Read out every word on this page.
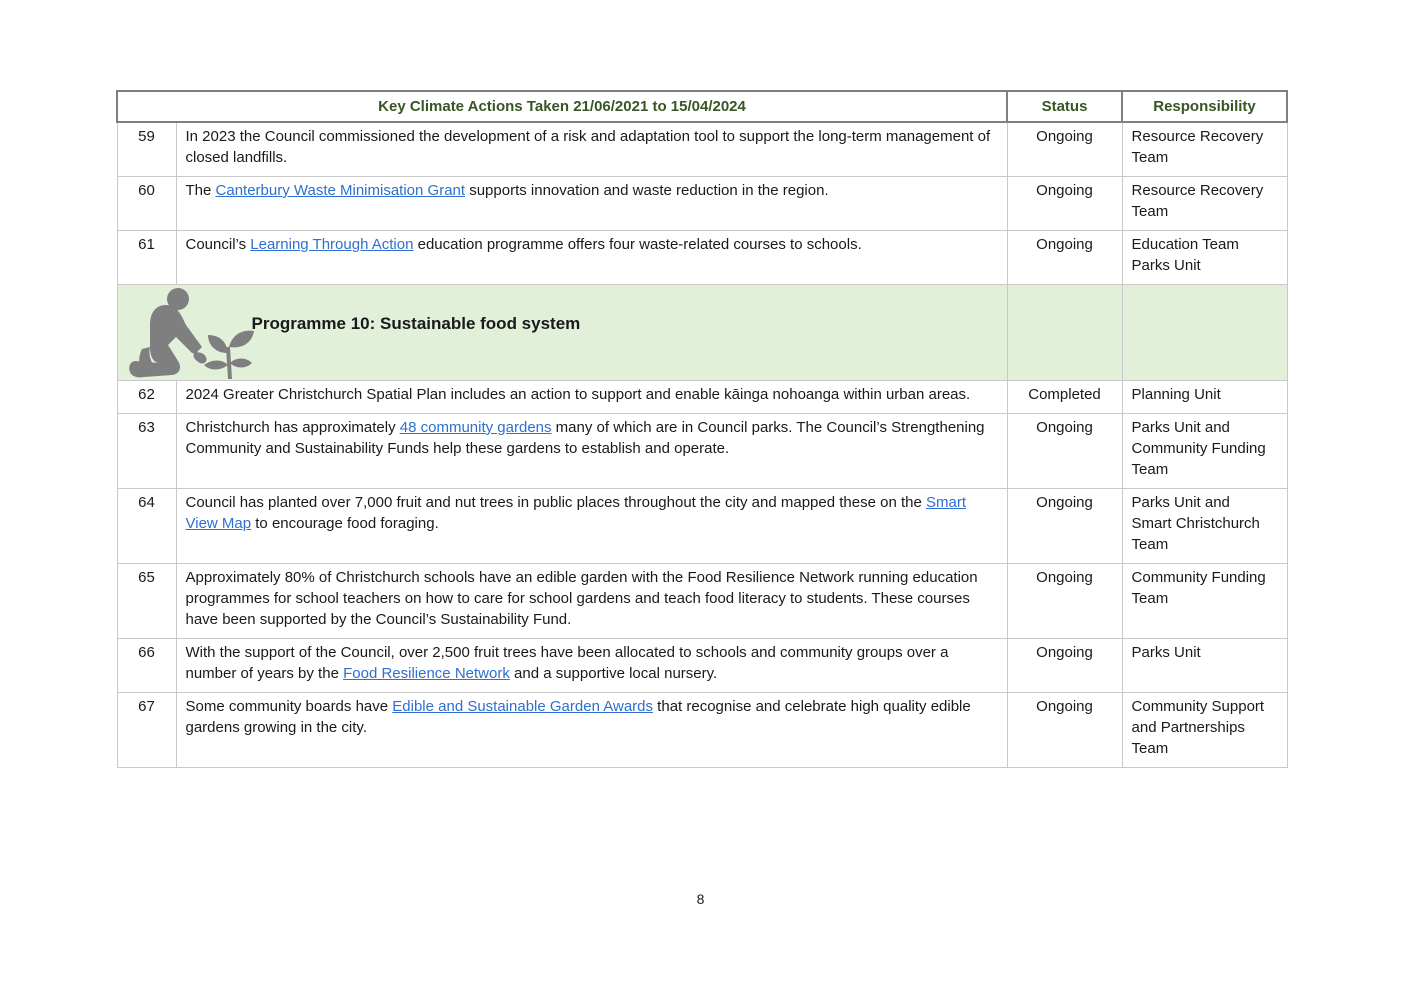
Key Climate Actions Taken 21/06/2021 to 15/04/2024		Status	Responsibility
59	In 2023 the Council commissioned the development of a risk and adaptation tool to support the long-term management of closed landfills.	Ongoing	Resource Recovery
Team

60	The Canterbury Waste Minimisation Grant supports innovation and waste reduction in the region.	Ongoing	Resource Recovery
Team

61	Council’s Learning Through Action education programme offers four waste-related courses to schools.	Ongoing	Education Team
Parks Unit

Programme 10: Sustainable food system			

62	2024 Greater Christchurch Spatial Plan includes an action to support and enable kāinga nohoanga within urban areas.	Completed	Planning Unit

63	Christchurch has approximately 48 community gardens many of which are in Council parks. The Council’s Strengthening Community and Sustainability Funds help these gardens to establish and operate.	Ongoing	Parks Unit and
Community Funding
Team

64	Council has planted over 7,000 fruit and nut trees in public places throughout the city and mapped these on the Smart View Map to encourage food foraging.	Ongoing	Parks Unit and
Smart Christchurch
Team

65	Approximately 80% of Christchurch schools have an edible garden with the Food Resilience Network running education programmes for school teachers on how to care for school gardens and teach food literacy to students. These courses have been supported by the Council’s Sustainability Fund.	Ongoing	Community Funding
Team

66	With the support of the Council, over 2,500 fruit trees have been allocated to schools and community groups over a number of years by the Food Resilience Network and a supportive local nursery.	Ongoing	Parks Unit

67	Some community boards have Edible and Sustainable Garden Awards that recognise and celebrate high quality edible gardens growing in the city.	Ongoing	Community Support
and Partnerships
Team
8
